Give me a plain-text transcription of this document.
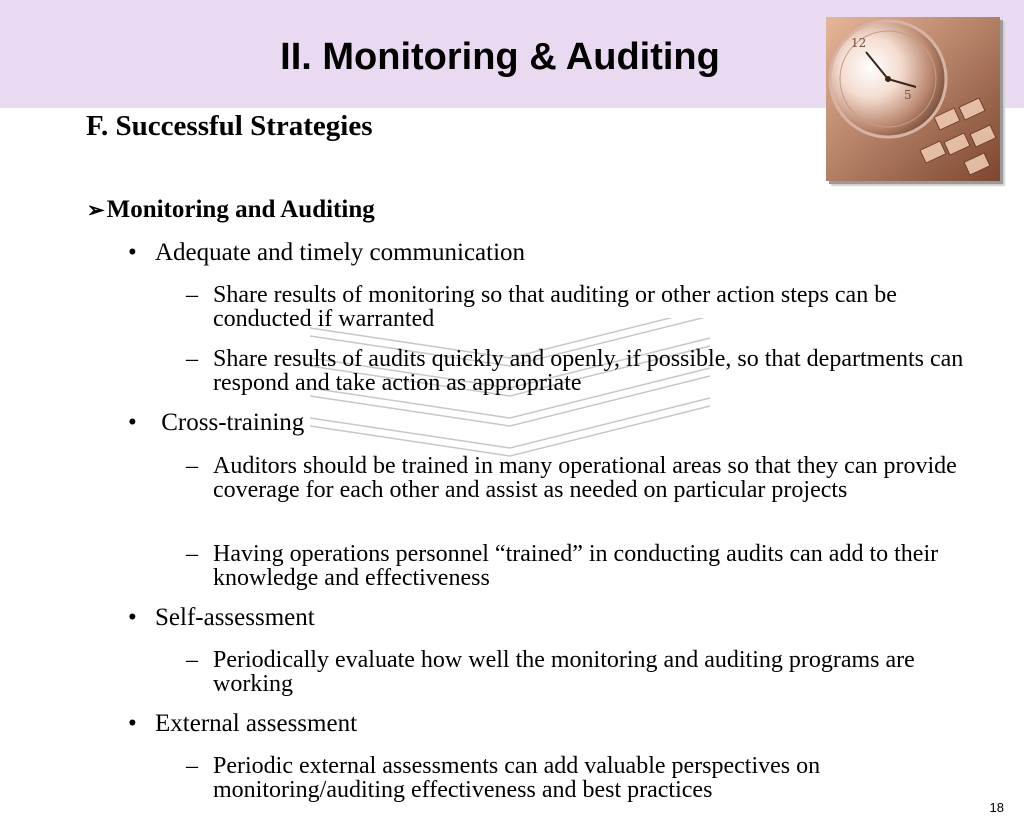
II. Monitoring & Auditing	12
5
F. Successful Strategies
➢Monitoring and Auditing
• Adequate and timely communication
– Share results of monitoring so that auditing or other action steps can be conducted if warranted
– Share results of audits quickly and openly, if possible, so that departments can respond and take action as appropriate
• Cross-training
– Auditors should be trained in many operational areas so that they can provide coverage for each other and assist as needed on particular projects
– Having operations personnel “trained” in conducting audits can add to their knowledge and effectiveness
• Self-assessment
– Periodically evaluate how well the monitoring and auditing programs are working
• External assessment
– Periodic external assessments can add valuable perspectives on monitoring/auditing effectiveness and best practices
18
